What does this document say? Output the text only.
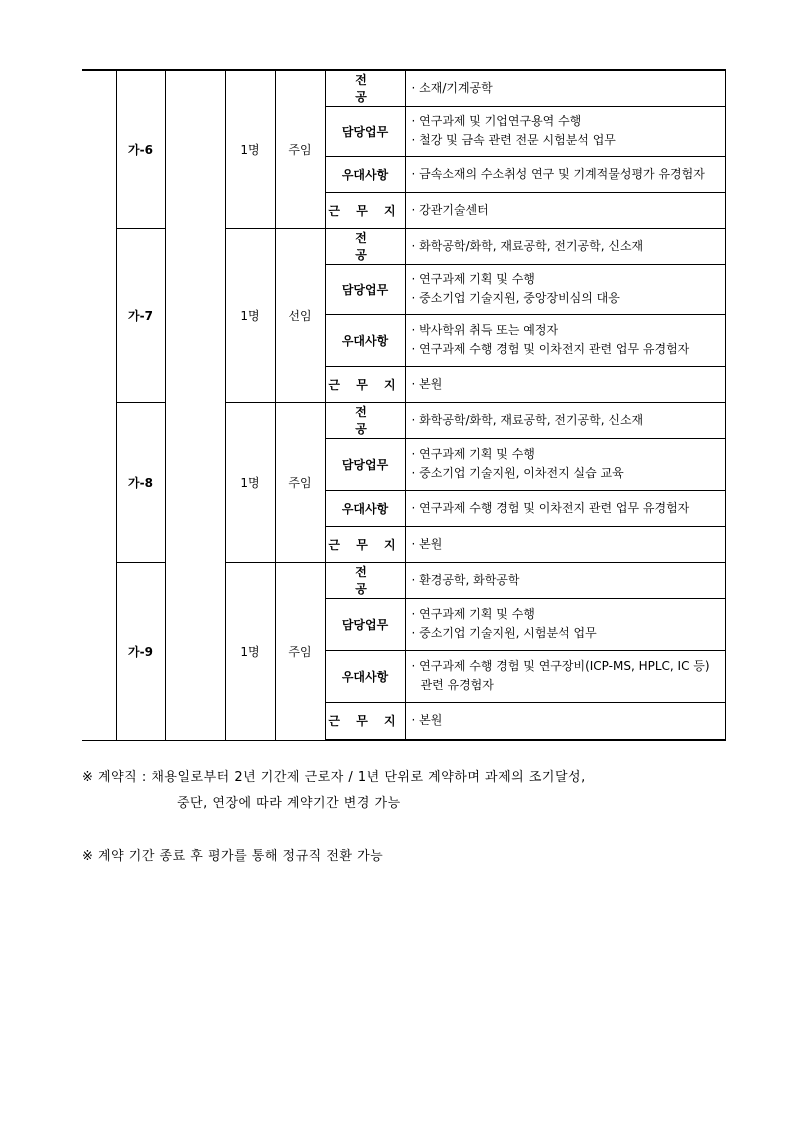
	가-6		1명	주임	전 공	· 소재/기계공학

					담당업무	· 연구과제 및 기업연구용역 수행
· 철강 및 금속 관련 전문 시험분석 업무

					우대사항	· 금속소재의 수소취성 연구 및 기계적물성평가 유경험자

					근 무 지	· 강관기술센터

	가-7		1명	선임	전 공	· 화학공학/화학, 재료공학, 전기공학, 신소재

					담당업무	· 연구과제 기획 및 수행
· 중소기업 기술지원, 중앙장비심의 대응

					우대사항	· 박사학위 취득 또는 예정자
· 연구과제 수행 경험 및 이차전지 관련 업무 유경험자

					근 무 지	· 본원

	가-8		1명	주임	전 공	· 화학공학/화학, 재료공학, 전기공학, 신소재

					담당업무	· 연구과제 기획 및 수행
· 중소기업 기술지원, 이차전지 실습 교육

					우대사항	· 연구과제 수행 경험 및 이차전지 관련 업무 유경험자

					근 무 지	· 본원

	가-9		1명	주임	전 공	· 환경공학, 화학공학

					담당업무	· 연구과제 기획 및 수행
· 중소기업 기술지원, 시험분석 업무

					우대사항	· 연구과제 수행 경험 및 연구장비(ICP-MS, HPLC, IC 등)
관련 유경험자

					근 무 지	· 본원
※ 계약직 : 채용일로부터 2년 기간제 근로자 / 1년 단위로 계약하며 과제의 조기달성,
중단, 연장에 따라 계약기간 변경 가능
※ 계약 기간 종료 후 평가를 통해 정규직 전환 가능
